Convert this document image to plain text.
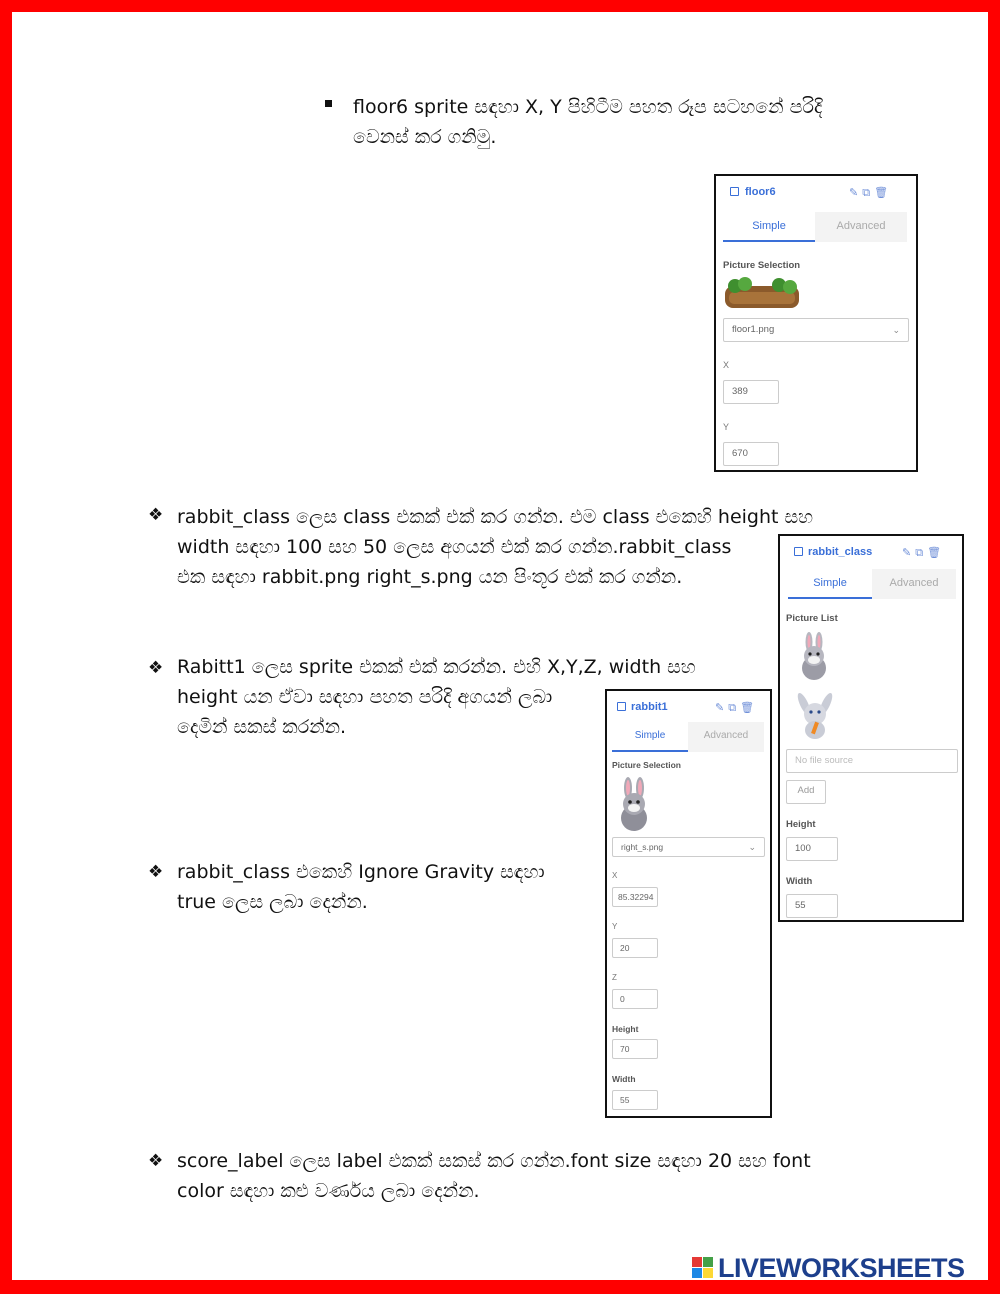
floor6 sprite සඳහා X, Y පිහිටීම පහත රූප සටහනේ පරිදි
වෙනස් කර ගනිමු.
floor6	✎⧉🗑
Simple	Advanced
Picture Selection
floor1.png	⌄
X
389
Y
670
❖ rabbit_class ලෙස class එකක් එක් කර ගන්න. එම class එකෙහි height සහ
width සඳහා 100 සහ 50 ලෙස අගයන් එක් කර ගන්න.rabbit_class
එක සඳහා rabbit.png right_s.png යන පිංතූර එක් කර ගන්න.
rabbit_class	✎⧉🗑
Simple	Advanced
Picture List
No file source
Add
Height
100
Width
55
❖ Rabitt1 ලෙස sprite එකක් එක් කරන්න. එහි X,Y,Z, width සහ
height යන ඒවා සඳහා පහත පරිදි අගයන් ලබා
දෙමින් සකස් කරන්න.
rabbit1	✎⧉🗑
Simple	Advanced
Picture Selection
right_s.png	⌄
X
85.32294
Y
20
Z
0
Height
70
Width
55
❖ rabbit_class එකෙහි Ignore Gravity සඳහා
true ලෙස ලබා දෙන්න.
❖ score_label ලෙස label එකක් සකස් කර ගන්න.font size සඳහා 20 සහ font
color සඳහා කළු වර්ණය ලබා දෙන්න.
LIVEWORKSHEETS
